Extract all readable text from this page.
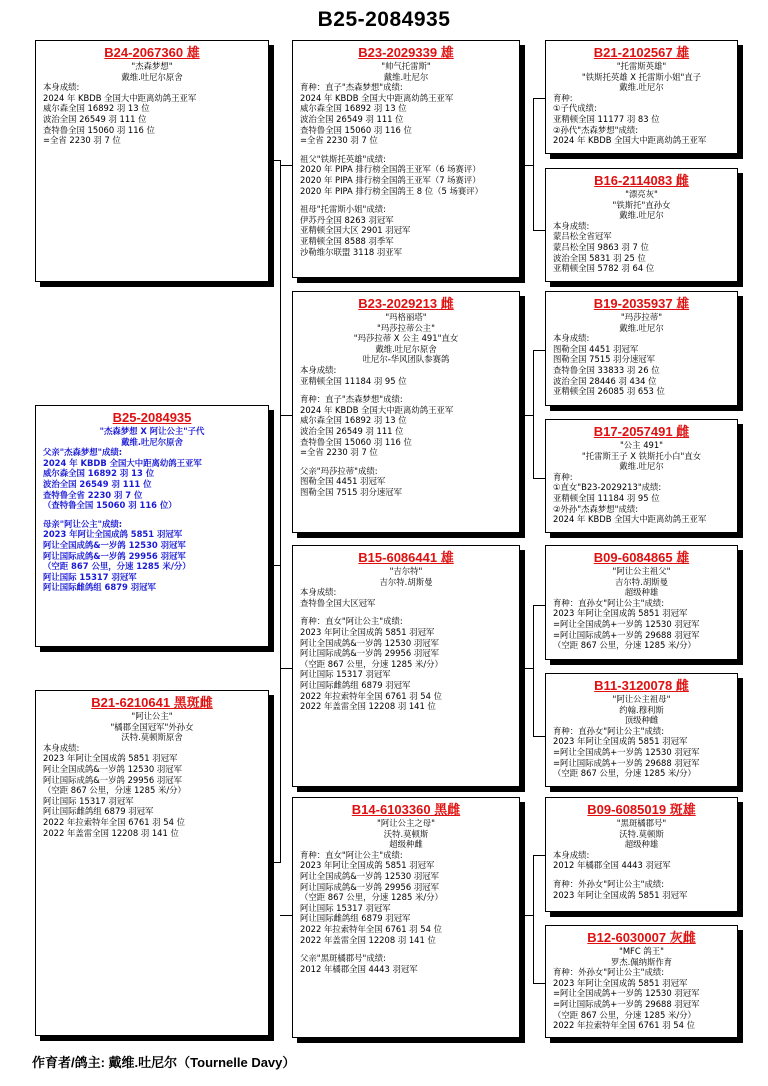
B25-2084935
B24-2067360 雄
"杰森梦想"
戴维.吐尼尔原舍
本身成绩:
2024 年 KBDB 全国大中距离幼鸽王亚军
威尔森全国 16892 羽 13 位
波治全国 26549 羽 111 位
查特鲁全国 15060 羽 116 位
=全省 2230 羽 7 位
B25-2084935
"杰森梦想 X 阿让公主"子代
戴维.吐尼尔原舍
父亲"杰森梦想"成绩:
2024 年 KBDB 全国大中距离幼鸽王亚军
威尔森全国 16892 羽 13 位
波治全国 26549 羽 111 位
查特鲁全省 2230 羽 7 位
（查特鲁全国 15060 羽 116 位）
母亲"阿让公主"成绩:
2023 年阿让全国成鸽 5851 羽冠军
阿让全国成鸽&一岁鸽 12530 羽冠军
阿让国际成鸽&一岁鸽 29956 羽冠军
（空距 867 公里，分速 1285 米/分）
阿让国际 15317 羽冠军
阿让国际雌鸽组 6879 羽冠军
B21-6210641 黑斑雌
"阿让公主"
"橘郡全国冠军"外孙女
沃特.莫顿斯原舍
本身成绩:
2023 年阿让全国成鸽 5851 羽冠军
阿让全国成鸽&一岁鸽 12530 羽冠军
阿让国际成鸽&一岁鸽 29956 羽冠军
（空距 867 公里，分速 1285 米/分）
阿让国际 15317 羽冠军
阿让国际雌鸽组 6879 羽冠军
2022 年拉索特年全国 6761 羽 54 位
2022 年盖雷全国 12208 羽 141 位
B23-2029339 雄
"帅气托雷斯"
戴维.吐尼尔
育种：直子"杰森梦想"成绩:
2024 年 KBDB 全国大中距离幼鸽王亚军
威尔森全国 16892 羽 13 位
波治全国 26549 羽 111 位
查特鲁全国 15060 羽 116 位
=全省 2230 羽 7 位
祖父"铁斯托英雄"成绩:
2020 年 PIPA 排行榜全国鸽王亚军（6 场赛评）
2020 年 PIPA 排行榜全国鸽王亚军（7 场赛评）
2020 年 PIPA 排行榜全国鸽王 8 位（5 场赛评）
祖母"托雷斯小姐"成绩:
伊苏丹全国 8263 羽冠军
亚精顿全国大区 2901 羽冠军
亚精顿全国 8588 羽季军
沙勒维尔联盟 3118 羽亚军
B23-2029213 雌
"玛格丽塔"
"玛莎拉蒂公主"
"玛莎拉蒂 X 公主 491"直女
戴维.吐尼尔原舍
吐尼尔-华风团队参赛鸽
本身成绩:
亚精顿全国 11184 羽 95 位
育种：直子"杰森梦想"成绩:
2024 年 KBDB 全国大中距离幼鸽王亚军
威尔森全国 16892 羽 13 位
波治全国 26549 羽 111 位
查特鲁全国 15060 羽 116 位
=全省 2230 羽 7 位
父亲"玛莎拉蒂"成绩:
图勒全国 4451 羽冠军
图勒全国 7515 羽分速冠军
B15-6086441 雄
"吉尔特"
吉尔特.胡斯曼
本身成绩:
查特鲁全国大区冠军
育种：直女"阿让公主"成绩:
2023 年阿让全国成鸽 5851 羽冠军
阿让全国成鸽&一岁鸽 12530 羽冠军
阿让国际成鸽&一岁鸽 29956 羽冠军
（空距 867 公里，分速 1285 米/分）
阿让国际 15317 羽冠军
阿让国际雌鸽组 6879 羽冠军
2022 年拉索特年全国 6761 羽 54 位
2022 年盖雷全国 12208 羽 141 位
B14-6103360 黑雌
"阿让公主之母"
沃特.莫顿斯
超级种雌
育种：直女"阿让公主"成绩:
2023 年阿让全国成鸽 5851 羽冠军
阿让全国成鸽&一岁鸽 12530 羽冠军
阿让国际成鸽&一岁鸽 29956 羽冠军
（空距 867 公里，分速 1285 米/分）
阿让国际 15317 羽冠军
阿让国际雌鸽组 6879 羽冠军
2022 年拉索特年全国 6761 羽 54 位
2022 年盖雷全国 12208 羽 141 位
父亲"黑斑橘郡号"成绩:
2012 年橘郡全国 4443 羽冠军
B21-2102567 雄
"托雷斯英雄"
"铁斯托英雄 X 托雷斯小姐"直子
戴维.吐尼尔
育种:
①子代成绩:
亚精顿全国 11177 羽 83 位
②孙代"杰森梦想"成绩:
2024 年 KBDB 全国大中距离幼鸽王亚军
B16-2114083 雌
"漂亮灰"
"铁斯托"直孙女
戴维.吐尼尔
本身成绩:
蒙吕松全省冠军
蒙吕松全国 9863 羽 7 位
波治全国 5831 羽 25 位
亚精顿全国 5782 羽 64 位
B19-2035937 雄
"玛莎拉蒂"
戴维.吐尼尔
本身成绩:
图勒全国 4451 羽冠军
图勒全国 7515 羽分速冠军
查特鲁全国 33833 羽 26 位
波治全国 28446 羽 434 位
亚精顿全国 26085 羽 653 位
B17-2057491 雌
"公主 491"
"托雷斯王子 X 铁斯托小白"直女
戴维.吐尼尔
育种:
①直女"B23-2029213"成绩:
亚精顿全国 11184 羽 95 位
②外孙"杰森梦想"成绩:
2024 年 KBDB 全国大中距离幼鸽王亚军
B09-6084865 雄
"阿让公主祖父"
吉尔特.胡斯曼
超级种雄
育种：直孙女"阿让公主"成绩:
2023 年阿让全国成鸽 5851 羽冠军
=阿让全国成鸽+一岁鸽 12530 羽冠军
=阿让国际成鸽+一岁鸽 29688 羽冠军
（空距 867 公里，分速 1285 米/分）
B11-3120078 雌
"阿让公主祖母"
约翰.穆利斯
顶级种雌
育种：直孙女"阿让公主"成绩:
2023 年阿让全国成鸽 5851 羽冠军
=阿让全国成鸽+一岁鸽 12530 羽冠军
=阿让国际成鸽+一岁鸽 29688 羽冠军
（空距 867 公里，分速 1285 米/分）
B09-6085019 斑雄
"黑斑橘郡号"
沃特.莫顿斯
超级种雄
本身成绩:
2012 年橘郡全国 4443 羽冠军
育种：外孙女"阿让公主"成绩:
2023 年阿让全国成鸽 5851 羽冠军
B12-6030007 灰雌
"MFC 鸽王"
罗杰.佩纳斯作育
育种：外孙女"阿让公主"成绩:
2023 年阿让全国成鸽 5851 羽冠军
=阿让全国成鸽+一岁鸽 12530 羽冠军
=阿让国际成鸽+一岁鸽 29688 羽冠军
（空距 867 公里，分速 1285 米/分）
2022 年拉索特年全国 6761 羽 54 位
作育者/鸽主: 戴维.吐尼尔（Tournelle Davy）
